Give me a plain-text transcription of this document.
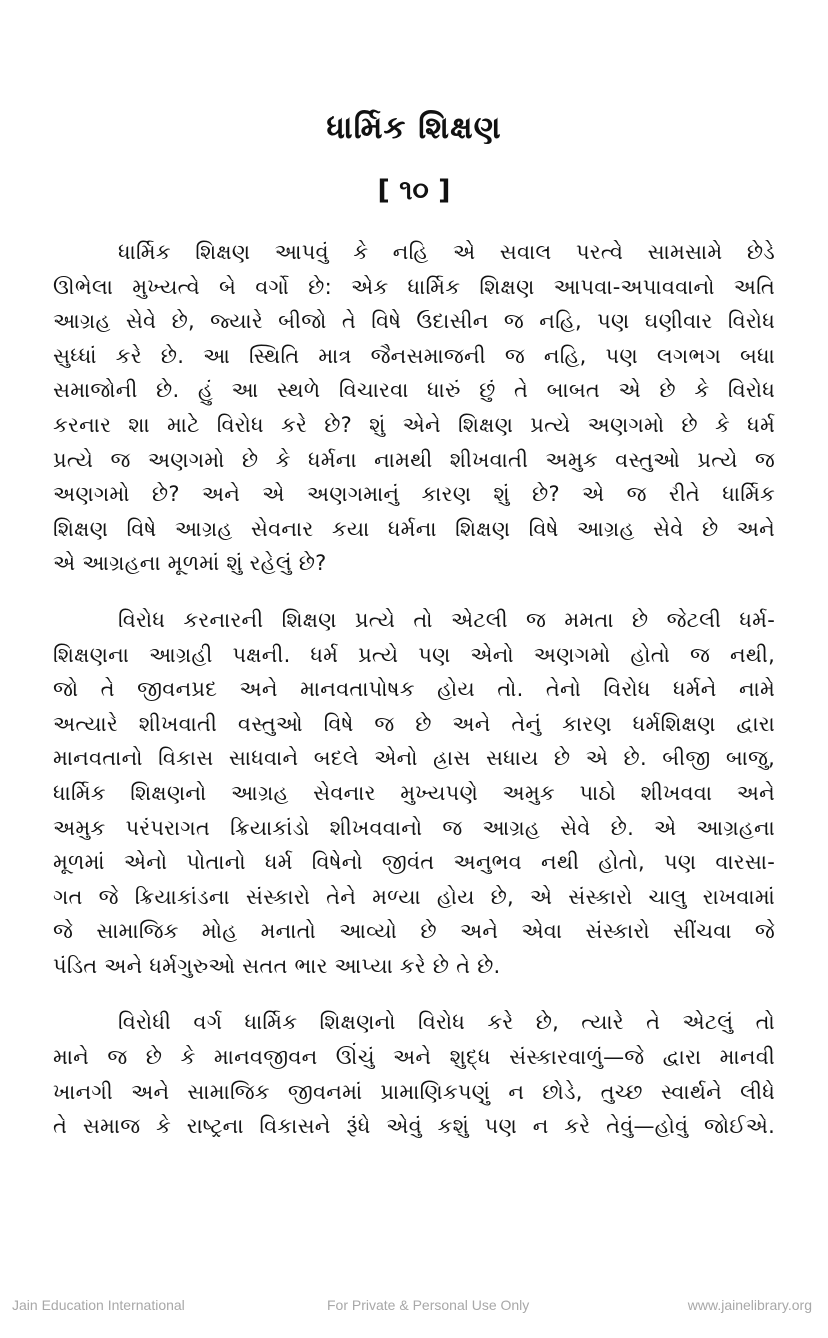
ધાર્મિક શિક્ષણ
[ ૧૦ ]
ધાર્મિક શિક્ષણ આપવું કે નહિ એ સવાલ પરત્વે સામસામે છેડે
ઊભેલા મુખ્યત્વે બે વર્ગો છે: એક ધાર્મિક શિક્ષણ આપવા-અપાવવાનો અતિ
આગ્રહ સેવે છે, જ્યારે બીજો તે વિષે ઉદાસીન જ નહિ, પણ ઘણીવાર વિરોધ
સુધ્ધાં કરે છે. આ સ્થિતિ માત્ર જૈનસમાજની જ નહિ, પણ લગભગ બધા
સમાજોની છે. હું આ સ્થળે વિચારવા ધારું છું તે બાબત એ છે કે વિરોધ
કરનાર શા માટે વિરોધ કરે છે? શું એને શિક્ષણ પ્રત્યે અણગમો છે કે ધર્મ
પ્રત્યે જ અણગમો છે કે ધર્મના નામથી શીખવાતી અમુક વસ્તુઓ પ્રત્યે જ
અણગમો છે? અને એ અણગમાનું કારણ શું છે? એ જ રીતે ધાર્મિક
શિક્ષણ વિષે આગ્રહ સેવનાર કયા ધર્મના શિક્ષણ વિષે આગ્રહ સેવે છે અને
એ આગ્રહના મૂળમાં શું રહેલું છે?
વિરોધ કરનારની શિક્ષણ પ્રત્યે તો એટલી જ મમતા છે જેટલી ધર્મ-
શિક્ષણના આગ્રહી પક્ષની. ધર્મ પ્રત્યે પણ એનો અણગમો હોતો જ નથી,
જો તે જીવનપ્રદ અને માનવતાપોષક હોય તો. તેનો વિરોધ ધર્મને નામે
અત્યારે શીખવાતી વસ્તુઓ વિષે જ છે અને તેનું કારણ ધર્મશિક્ષણ દ્વારા
માનવતાનો વિકાસ સાધવાને બદલે એનો હ્રાસ સધાય છે એ છે. બીજી બાજુ,
ધાર્મિક શિક્ષણનો આગ્રહ સેવનાર મુખ્યપણે અમુક પાઠો શીખવવા અને
અમુક પરંપરાગત ક્રિયાકાંડો શીખવવાનો જ આગ્રહ સેવે છે. એ આગ્રહના
મૂળમાં એનો પોતાનો ધર્મ વિષેનો જીવંત અનુભવ નથી હોતો, પણ વારસા-
ગત જે ક્રિયાકાંડના સંસ્કારો તેને મળ્યા હોય છે, એ સંસ્કારો ચાલુ રાખવામાં
જે સામાજિક મોહ મનાતો આવ્યો છે અને એવા સંસ્કારો સીંચવા જે
પંડિત અને ધર્મગુરુઓ સતત ભાર આપ્યા કરે છે તે છે.
વિરોધી વર્ગ ધાર્મિક શિક્ષણનો વિરોધ કરે છે, ત્યારે તે એટલું તો
માને જ છે કે માનવજીવન ઊંચું અને શુદ્ધ સંસ્કારવાળું—જે દ્વારા માનવી
ખાનગી અને સામાજિક જીવનમાં પ્રામાણિકપણું ન છોડે, તુચ્છ સ્વાર્થને લીધે
તે સમાજ કે રાષ્ટ્રના વિકાસને રૂંધે એવું કશું પણ ન કરે તેવું—હોવું જોઈએ.
Jain Education International	For Private & Personal Use Only	www.jainelibrary.org
